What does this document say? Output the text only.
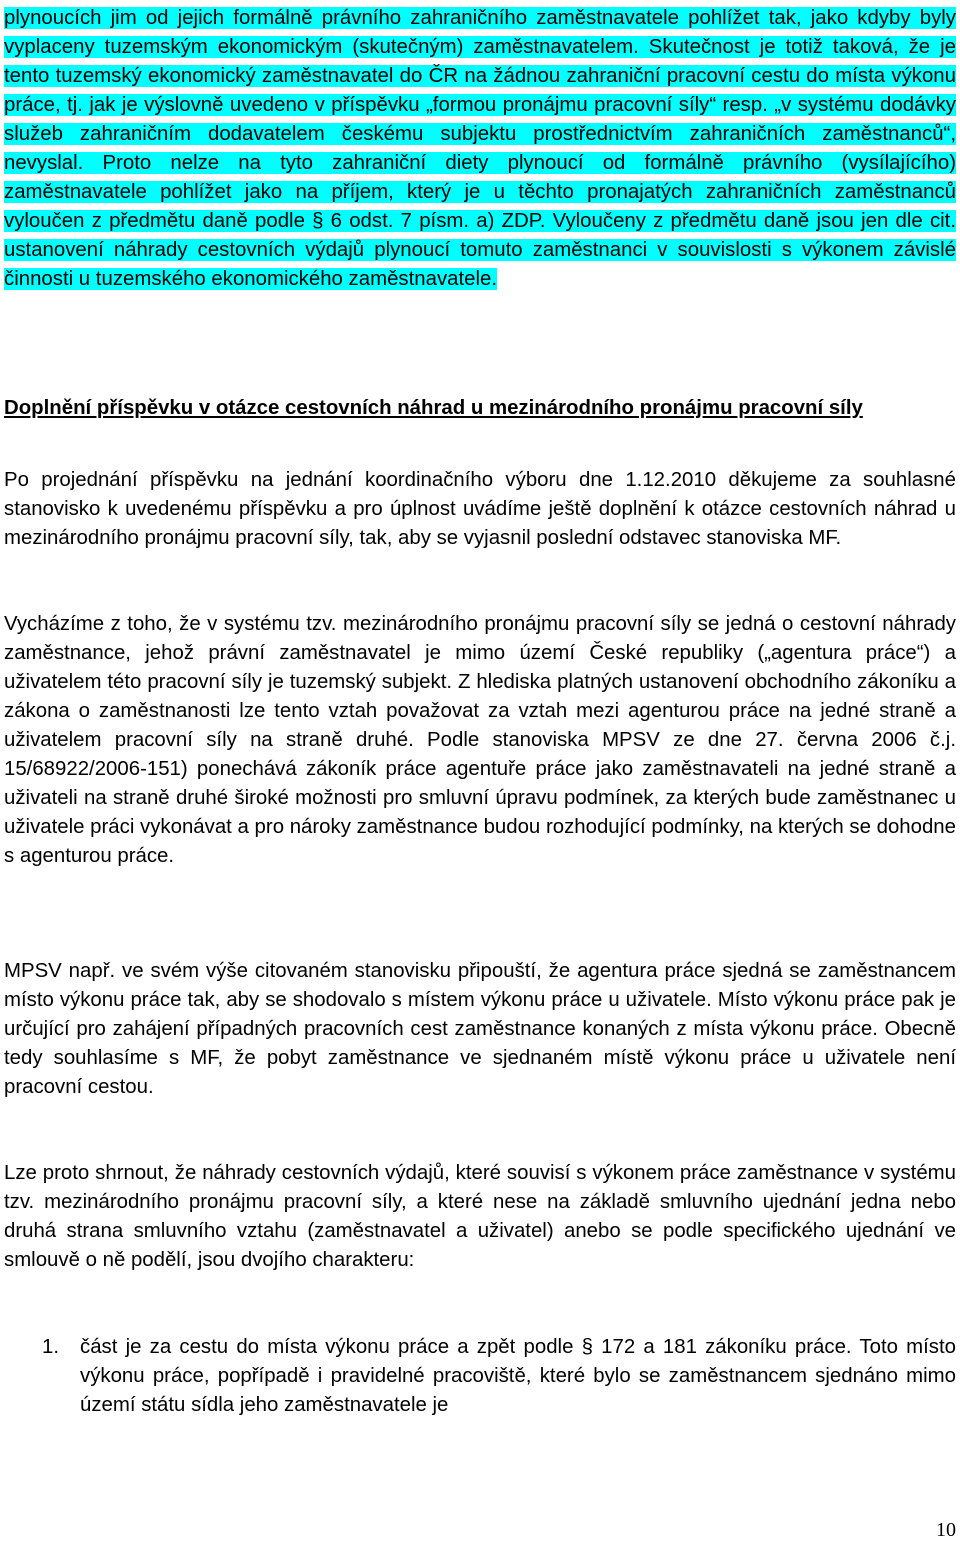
plynoucích jim od jejich formálně právního zahraničního zaměstnavatele pohlížet tak, jako kdyby byly vyplaceny tuzemským ekonomickým (skutečným) zaměstnavatelem. Skutečnost je totiž taková, že je tento tuzemský ekonomický zaměstnavatel do ČR na žádnou zahraniční pracovní cestu do místa výkonu práce, tj. jak je výslovně uvedeno v příspěvku „formou pronájmu pracovní síly“ resp. „v systému dodávky služeb zahraničním dodavatelem českému subjektu prostřednictvím zahraničních zaměstnanců“, nevyslal. Proto nelze na tyto zahraniční diety plynoucí od formálně právního (vysílajícího) zaměstnavatele pohlížet jako na příjem, který je u těchto pronajatých zahraničních zaměstnanců vyloučen z předmětu daně podle § 6 odst. 7 písm. a) ZDP. Vyloučeny z předmětu daně jsou jen dle cit. ustanovení náhrady cestovních výdajů plynoucí tomuto zaměstnanci v souvislosti s výkonem závislé činnosti u tuzemského ekonomického zaměstnavatele.

Doplnění příspěvku v otázce cestovních náhrad u mezinárodního pronájmu pracovní síly

Po projednání příspěvku na jednání koordinačního výboru dne 1.12.2010 děkujeme za souhlasné stanovisko k uvedenému příspěvku a pro úplnost uvádíme ještě doplnění k otázce cestovních náhrad u mezinárodního pronájmu pracovní síly, tak, aby se vyjasnil poslední odstavec stanoviska MF.

Vycházíme z toho, že v systému tzv. mezinárodního pronájmu pracovní síly se jedná o cestovní náhrady zaměstnance, jehož právní zaměstnavatel je mimo území České republiky („agentura práce“) a uživatelem této pracovní síly je tuzemský subjekt. Z hlediska platných ustanovení obchodního zákoníku a zákona o zaměstnanosti lze tento vztah považovat za vztah mezi agenturou práce na jedné straně a uživatelem pracovní síly na straně druhé. Podle stanoviska MPSV ze dne 27. června 2006 č.j. 15/68922/2006-151) ponechává zákoník práce agentuře práce jako zaměstnavateli na jedné straně a uživateli na straně druhé široké možnosti pro smluvní úpravu podmínek, za kterých bude zaměstnanec u uživatele práci vykonávat a pro nároky zaměstnance budou rozhodující podmínky, na kterých se dohodne s agenturou práce.

MPSV např. ve svém výše citovaném stanovisku připouští, že agentura práce sjedná se zaměstnancem místo výkonu práce tak, aby se shodovalo s místem výkonu práce u uživatele. Místo výkonu práce pak je určující pro zahájení případných pracovních cest zaměstnance konaných z místa výkonu práce. Obecně tedy souhlasíme s MF, že pobyt zaměstnance ve sjednaném místě výkonu práce u uživatele není pracovní cestou.

Lze proto shrnout, že náhrady cestovních výdajů, které souvisí s výkonem práce zaměstnance v systému tzv. mezinárodního pronájmu pracovní síly, a které nese na základě smluvního ujednání jedna nebo druhá strana smluvního vztahu (zaměstnavatel a uživatel) anebo se podle specifického ujednání ve smlouvě o ně podělí, jsou dvojího charakteru:

1. část je za cestu do místa výkonu práce a zpět podle § 172 a 181 zákoníku práce. Toto místo výkonu práce, popřípadě i pravidelné pracoviště, které bylo se zaměstnancem sjednáno mimo území státu sídla jeho zaměstnavatele je

10
